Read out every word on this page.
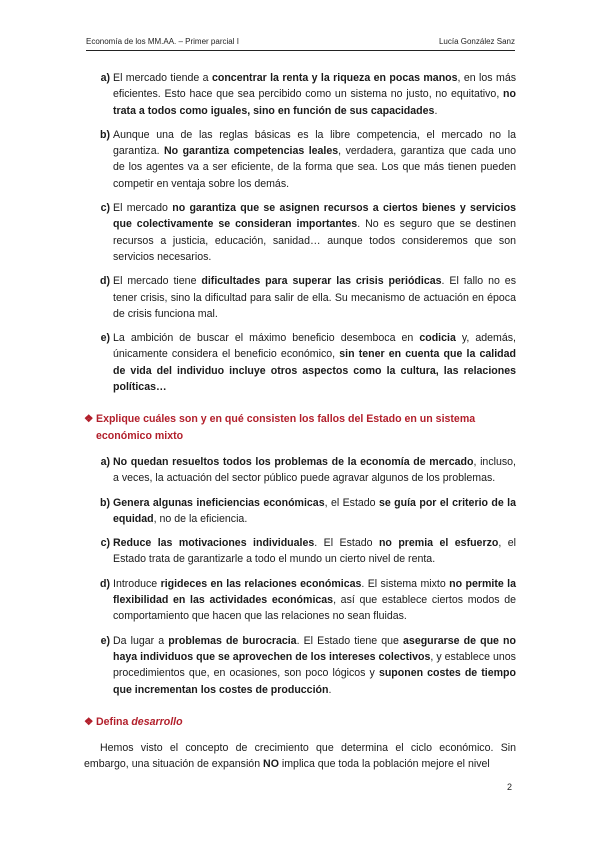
Economía de los MM.AA. – Primer parcial I	Lucía González Sanz
a) El mercado tiende a concentrar la renta y la riqueza en pocas manos, en los más eficientes. Esto hace que sea percibido como un sistema no justo, no equitativo, no trata a todos como iguales, sino en función de sus capacidades.
b) Aunque una de las reglas básicas es la libre competencia, el mercado no la garantiza. No garantiza competencias leales, verdadera, garantiza que cada uno de los agentes va a ser eficiente, de la forma que sea. Los que más tienen pueden competir en ventaja sobre los demás.
c) El mercado no garantiza que se asignen recursos a ciertos bienes y servicios que colectivamente se consideran importantes. No es seguro que se destinen recursos a justicia, educación, sanidad… aunque todos consideremos que son servicios necesarios.
d) El mercado tiene dificultades para superar las crisis periódicas. El fallo no es tener crisis, sino la dificultad para salir de ella. Su mecanismo de actuación en época de crisis funciona mal.
e) La ambición de buscar el máximo beneficio desemboca en codicia y, además, únicamente considera el beneficio económico, sin tener en cuenta que la calidad de vida del individuo incluye otros aspectos como la cultura, las relaciones políticas…
❖ Explique cuáles son y en qué consisten los fallos del Estado en un sistema económico mixto
a) No quedan resueltos todos los problemas de la economía de mercado, incluso, a veces, la actuación del sector público puede agravar algunos de los problemas.
b) Genera algunas ineficiencias económicas, el Estado se guía por el criterio de la equidad, no de la eficiencia.
c) Reduce las motivaciones individuales. El Estado no premia el esfuerzo, el Estado trata de garantizarle a todo el mundo un cierto nivel de renta.
d) Introduce rigideces en las relaciones económicas. El sistema mixto no permite la flexibilidad en las actividades económicas, así que establece ciertos modos de comportamiento que hacen que las relaciones no sean fluidas.
e) Da lugar a problemas de burocracia. El Estado tiene que asegurarse de que no haya individuos que se aprovechen de los intereses colectivos, y establece unos procedimientos que, en ocasiones, son poco lógicos y suponen costes de tiempo que incrementan los costes de producción.
❖ Defina desarrollo
Hemos visto el concepto de crecimiento que determina el ciclo económico. Sin embargo, una situación de expansión NO implica que toda la población mejore el nivel
2
